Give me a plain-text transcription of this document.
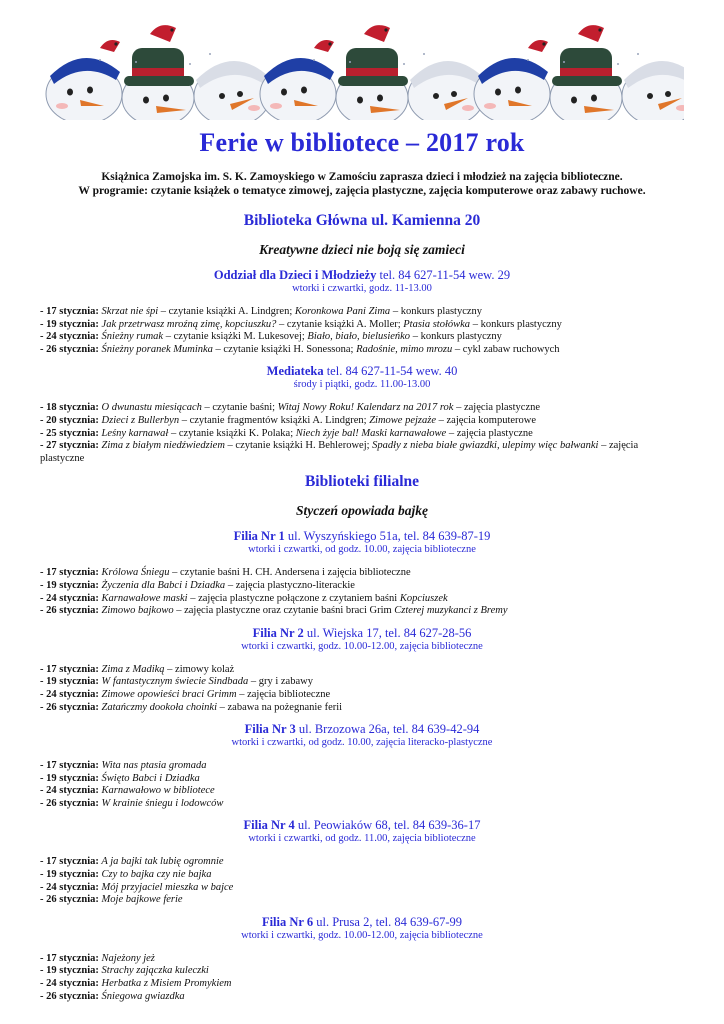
Ferie w bibliotece – 2017 rok
Książnica Zamojska im. S. K. Zamoyskiego w Zamościu zaprasza dzieci i młodzież na zajęcia biblioteczne.
W programie: czytanie książek o tematyce zimowej, zajęcia plastyczne, zajęcia komputerowe oraz zabawy ruchowe.
Biblioteka Główna ul. Kamienna 20
Kreatywne dzieci nie boją się zamieci
Oddział dla Dzieci i Młodzieży tel. 84 627-11-54 wew. 29
wtorki i czwartki, godz. 11-13.00
- 17 stycznia: Skrzat nie śpi – czytanie książki A. Lindgren; Koronkowa Pani Zima – konkurs plastyczny
- 19 stycznia: Jak przetrwasz mroźną zimę, kopciuszku? – czytanie książki A. Moller; Ptasia stołówka – konkurs plastyczny
- 24 stycznia: Śnieżny rumak – czytanie książki M. Lukesovej; Biało, biało, bielusieńko – konkurs plastyczny
- 26 stycznia: Śnieżny poranek Muminka – czytanie książki H. Sonessona; Radośnie, mimo mrozu – cykl zabaw ruchowych
Mediateka tel. 84 627-11-54 wew. 40
środy i piątki, godz. 11.00-13.00
- 18 stycznia: O dwunastu miesiącach – czytanie baśni; Witaj Nowy Roku! Kalendarz na 2017 rok – zajęcia plastyczne
- 20 stycznia: Dzieci z Bullerbyn – czytanie fragmentów książki A. Lindgren; Zimowe pejzaże – zajęcia komputerowe
- 25 stycznia: Leśny karnawał – czytanie książki K. Polaka; Niech żyje bal! Maski karnawałowe – zajęcia plastyczne
- 27 stycznia: Zima z białym niedźwiedziem – czytanie książki H. Behlerowej; Spadły z nieba białe gwiazdki, ulepimy więc bałwanki – zajęcia plastyczne
Biblioteki filialne
Styczeń opowiada bajkę
Filia Nr 1 ul. Wyszyńskiego 51a, tel. 84 639-87-19
wtorki i czwartki, od godz. 10.00, zajęcia biblioteczne
- 17 stycznia: Królowa Śniegu – czytanie baśni H. CH. Andersena i zajęcia biblioteczne
- 19 stycznia: Życzenia dla Babci i Dziadka – zajęcia plastyczno-literackie
- 24 stycznia: Karnawałowe maski – zajęcia plastyczne połączone z czytaniem baśni Kopciuszek
- 26 stycznia: Zimowo bajkowo – zajęcia plastyczne oraz czytanie baśni braci Grim Czterej muzykanci z Bremy
Filia Nr 2 ul. Wiejska 17, tel. 84 627-28-56
wtorki i czwartki, godz. 10.00-12.00, zajęcia biblioteczne
- 17 stycznia: Zima z Madiką – zimowy kolaż
- 19 stycznia: W fantastycznym świecie Sindbada – gry i zabawy
- 24 stycznia: Zimowe opowieści braci Grimm – zajęcia biblioteczne
- 26 stycznia: Zatańczmy dookoła choinki – zabawa na pożegnanie ferii
Filia Nr 3 ul. Brzozowa 26a, tel. 84 639-42-94
wtorki i czwartki, od godz. 10.00, zajęcia literacko-plastyczne
- 17 stycznia: Wita nas ptasia gromada
- 19 stycznia: Święto Babci i Dziadka
- 24 stycznia: Karnawałowo w bibliotece
- 26 stycznia: W krainie śniegu i lodowców
Filia Nr 4 ul. Peowiaków 68, tel. 84 639-36-17
wtorki i czwartki, od godz. 11.00, zajęcia biblioteczne
- 17 stycznia: A ja bajki tak lubię ogromnie
- 19 stycznia: Czy to bajka czy nie bajka
- 24 stycznia: Mój przyjaciel mieszka w bajce
- 26 stycznia: Moje bajkowe ferie
Filia Nr 6 ul. Prusa 2, tel. 84 639-67-99
wtorki i czwartki, godz. 10.00-12.00, zajęcia biblioteczne
- 17 stycznia: Najeżony jeż
- 19 stycznia: Strachy zajączka kuleczki
- 24 stycznia: Herbatka z Misiem Promykiem
- 26 stycznia: Śniegowa gwiazdka
